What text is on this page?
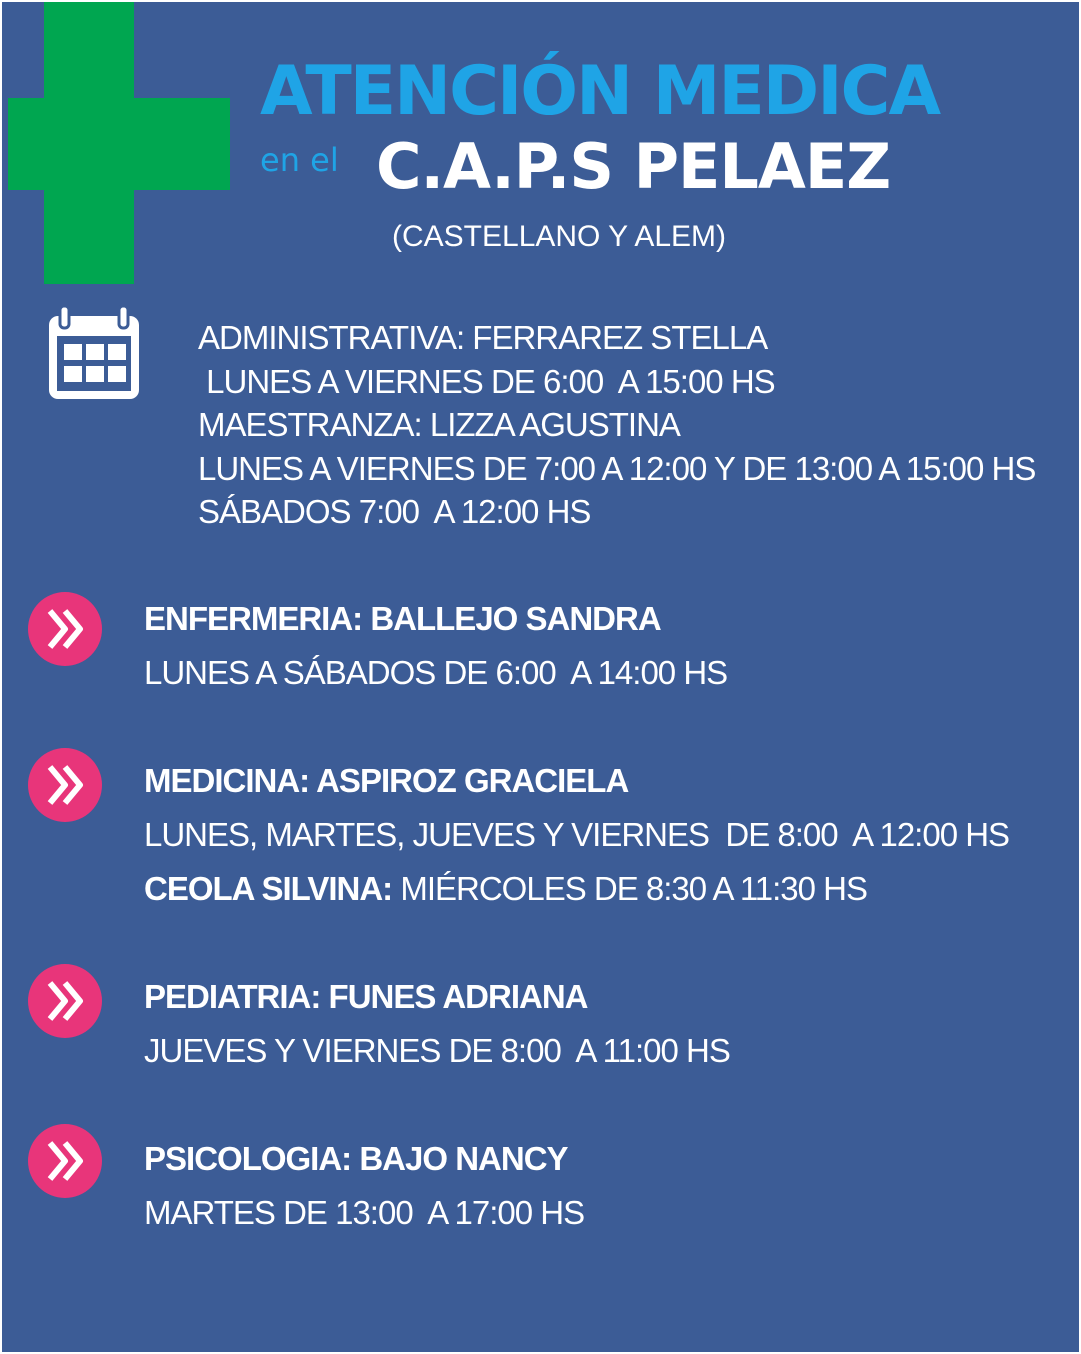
ATENCIÓN MEDICA
en el C.A.P.S PELAEZ
(CASTELLANO Y ALEM)
ADMINISTRATIVA: FERRAREZ STELLA
LUNES A VIERNES DE 6:00  A 15:00 HS
MAESTRANZA: LIZZA AGUSTINA
LUNES A VIERNES DE 7:00 A 12:00 Y DE 13:00 A 15:00 HS
SÁBADOS 7:00  A 12:00 HS
ENFERMERIA: BALLEJO SANDRA
LUNES A SÁBADOS DE 6:00  A 14:00 HS
MEDICINA: ASPIROZ GRACIELA
LUNES, MARTES, JUEVES Y VIERNES  DE 8:00  A 12:00 HS
CEOLA SILVINA: MIÉRCOLES DE 8:30 A 11:30 HS
PEDIATRIA: FUNES ADRIANA
JUEVES Y VIERNES DE 8:00  A 11:00 HS
PSICOLOGIA: BAJO NANCY
MARTES DE 13:00  A 17:00 HS
